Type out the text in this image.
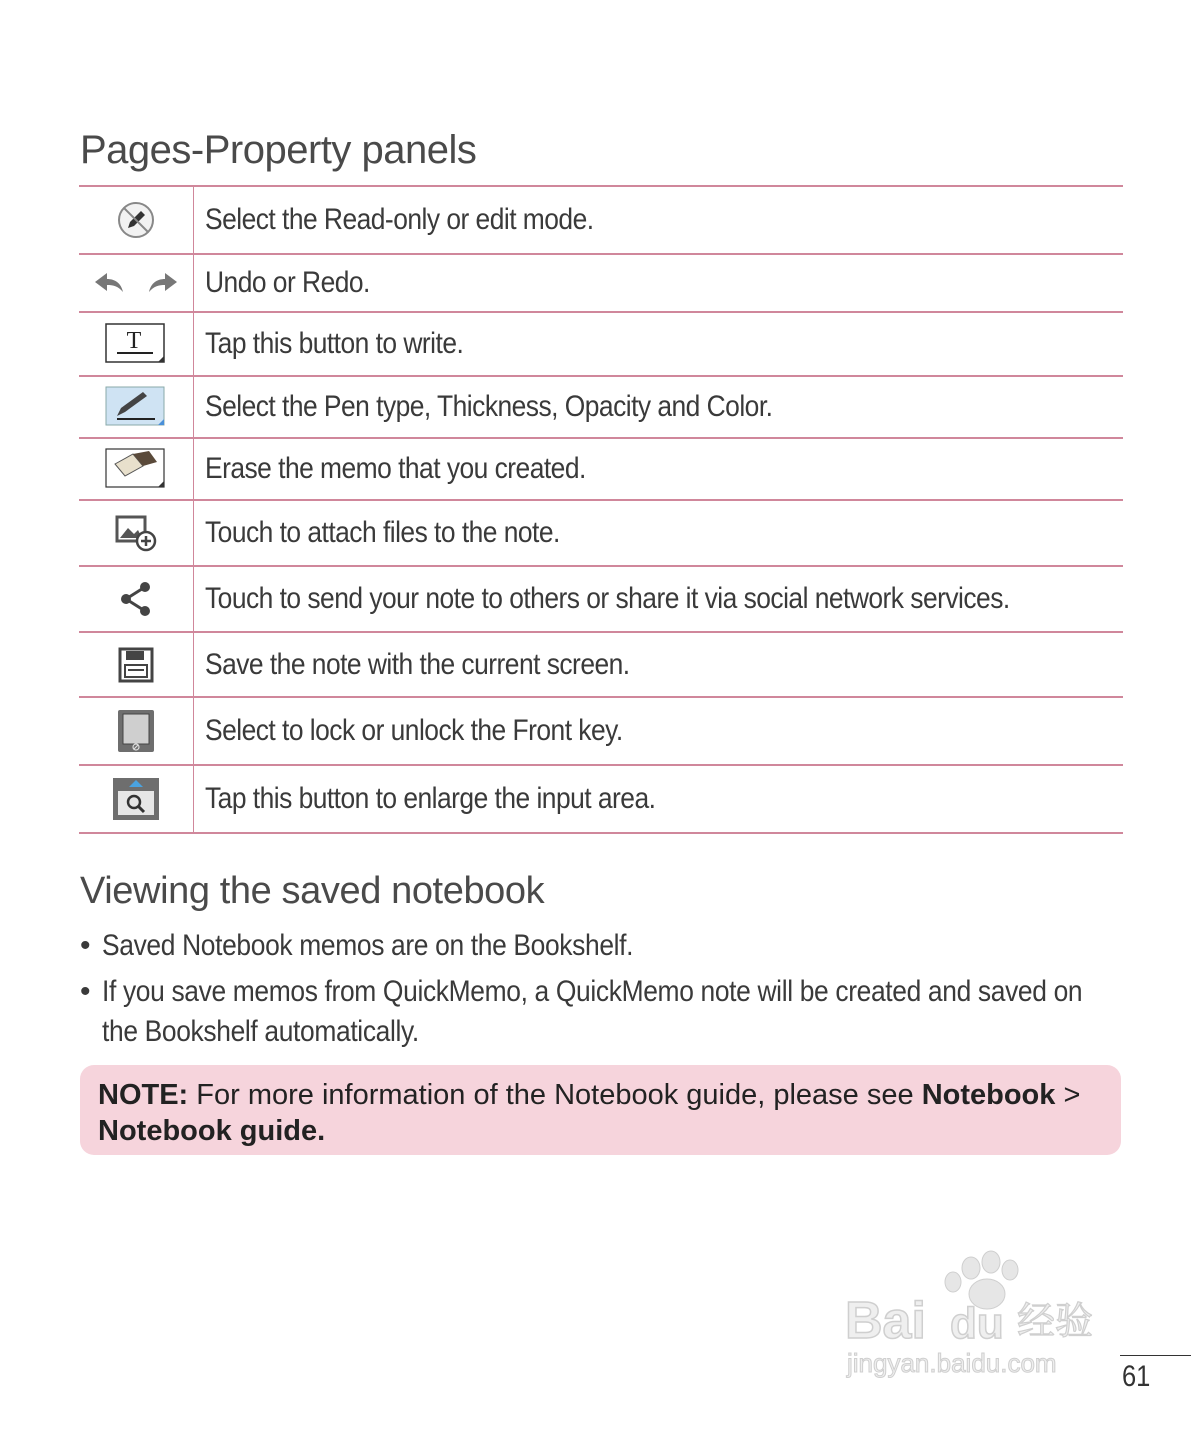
Pages-Property panels
	Select the Read-only or edit mode.
	Undo or Redo.

T	Tap this button to write.
	Select the Pen type, Thickness, Opacity and Color.
	Erase the memo that you created.
	Touch to attach files to the note.
	Touch to send your note to others or share it via social network services.
	Save the note with the current screen.
	Select to lock or unlock the Front key.
	Tap this button to enlarge the input area.
Viewing the saved notebook
• Saved Notebook memos are on the Bookshelf.
• If you save memos from QuickMemo, a QuickMemo note will be created and saved on the Bookshelf automatically.
NOTE: For more information of the Notebook guide, please see Notebook >
Notebook guide.
Bai du 经验
jingyan.baidu.com 61
